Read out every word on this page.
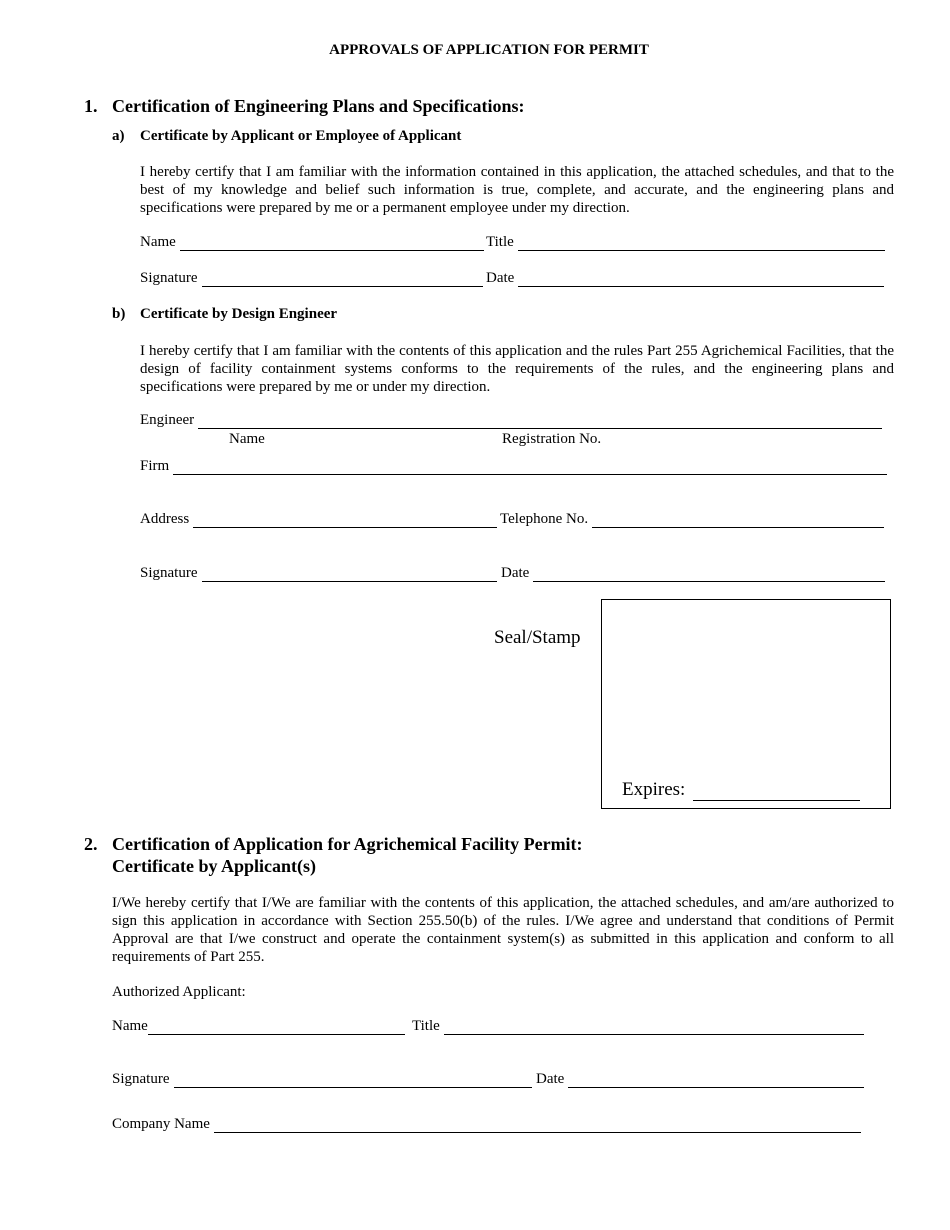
APPROVALS OF APPLICATION FOR PERMIT
1. Certification of Engineering Plans and Specifications:
a) Certificate by Applicant or Employee of Applicant
I hereby certify that I am familiar with the information contained in this application, the attached schedules, and that to the best of my knowledge and belief such information is true, complete, and accurate, and the engineering plans and specifications were prepared by me or a permanent employee under my direction.
Name	Title
Signature	Date
b) Certificate by Design Engineer
I hereby certify that I am familiar with the contents of this application and the rules Part 255 Agrichemical Facilities, that the design of facility containment systems conforms to the requirements of the rules, and the engineering plans and specifications were prepared by me or under my direction.
Engineer
Name	Registration No.
Firm
Address	Telephone No.
Signature	Date
Seal/Stamp
Expires:
2. Certification of Application for Agrichemical Facility Permit:
Certificate by Applicant(s)
I/We hereby certify that I/We are familiar with the contents of this application, the attached schedules, and am/are authorized to sign this application in accordance with Section 255.50(b) of the rules. I/We agree and understand that conditions of Permit Approval are that I/we construct and operate the containment system(s) as submitted in this application and conform to all requirements of Part 255.
Authorized Applicant:
Name	Title
Signature	Date
Company Name
